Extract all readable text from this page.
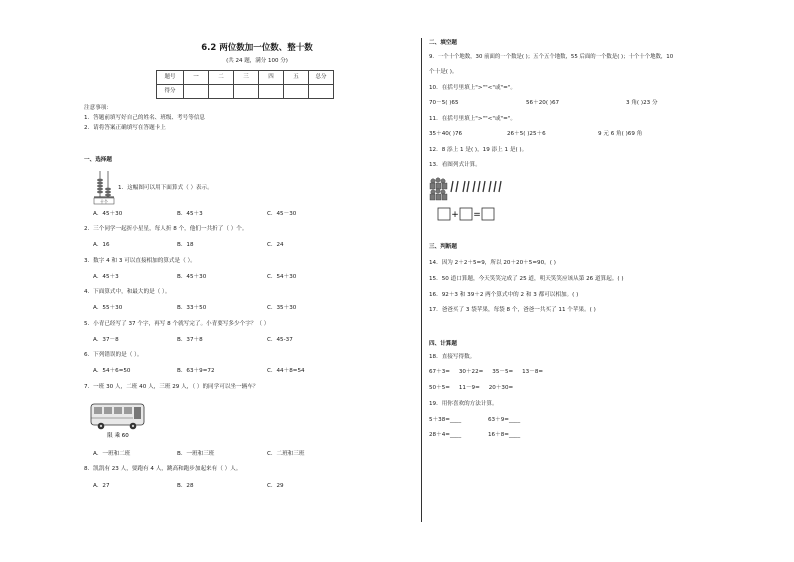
6.2 两位数加一位数、整十数
(共 24 题，满分 100 分)
题号	一	二	三	四	五	总分
得分						
注意事项：
1．答题前填写好自己的姓名、班级、考号等信息
2．请将答案正确填写在答题卡上
一、选择题
十个
1．这幅图可以用下面算式（ ）表示。
A．45＋30	B．45＋3	C．45－30
2．三个同学一起折小星星，每人折 8 个，他们一共折了（ ）个。
A．16	B．18	C．24
3．数字 4 和 3 可以直接相加的算式是（ ）。
A．45＋3	B．45＋30	C．54＋30
4．下面算式中，和最大的是（ ）。
A．55＋30	B．33＋50	C．35＋30
5．小青已经写了 37 个字，再写 8 个就写完了。小青要写多少个字？（ ）
A．37－8	B．37＋8	C．45-37
6．下列错误的是（ ）。
A．54＋6=50	B．63＋9=72	C．44＋8=54
7．一班 30 人，二班 40 人，三班 29 人，（ ）的同学可以坐一辆车？
限 乘 60
A．一班和二班	B．一班和三班	C．二班和三班
8．凯凯有 23 人，要跑有 4 人，跳高和跑步加起来有（ ）人。
A．27	B．28	C．29
二、填空题
9．一个十个地数，30 前面的一个数是( )；五个五个地数，55 后面的一个数是( )；十个十个地数，10
个十是( )。
10．在括号里填上">""<"或"="。
70－5( )65	56＋20( )67	3 角( )23 分
11．在括号里填上">""<"或"="。
35＋40( )76	26＋5( )25＋6	9 元 6 角( )69 角
12．8 添上 1 是( )，19 添上 1 是( )。
13．看图列式计算。
+ =
三、判断题
14．因为 2＋2＋5=9，所以 20＋20＋5=90。( )
15．50 道口算题，今天笑笑完成了 25 道，明天笑笑应该从第 26 道算起。( )
16．92＋3 和 39＋2 两个算式中的 2 和 3 都可以相加。( )
17．爸爸买了 3 袋苹果，每袋 8 个，爸爸一共买了 11 个苹果。( )
四、计算题
18．直接写得数。
67＋3=     30＋22=     35－5=     13－8=
50＋5=     11－9=     20＋30=
19．用你喜欢的方法计算。
5＋38=____	63＋9=____
28＋4=____	16＋8=____
